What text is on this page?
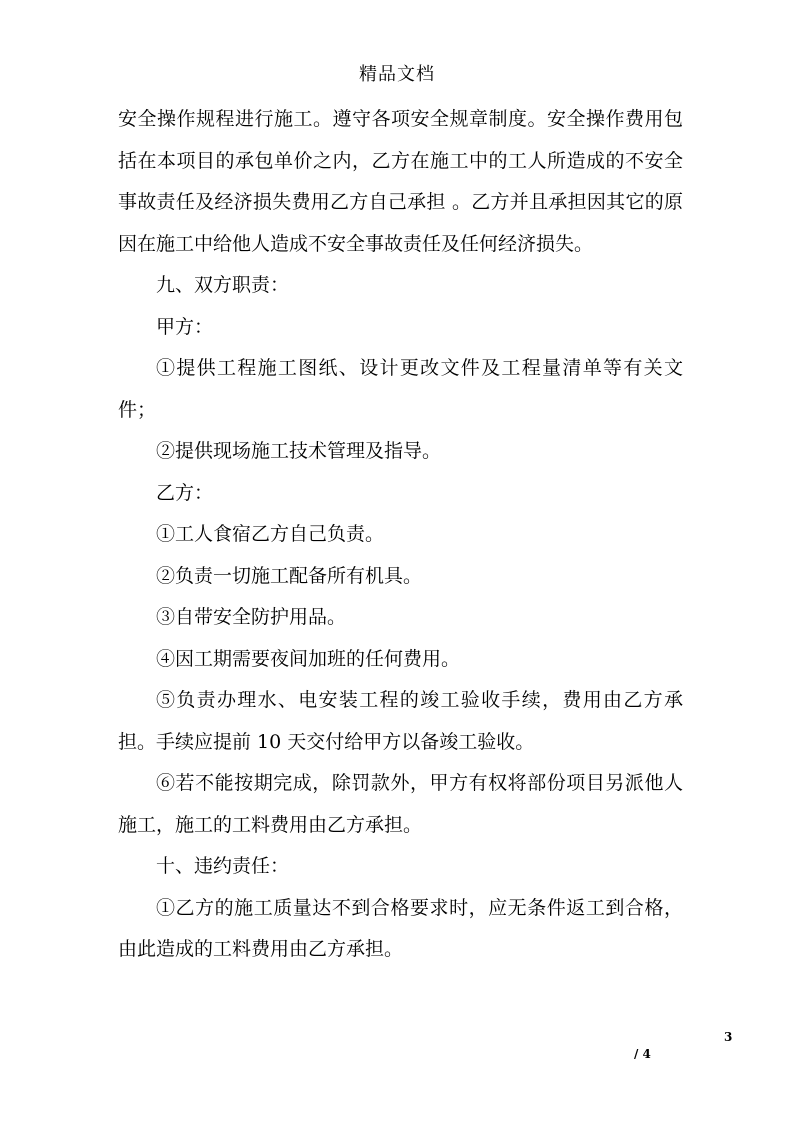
精品文档

安全操作规程进行施工。遵守各项安全规章制度。安全操作费用包括在本项目的承包单价之内，乙方在施工中的工人所造成的不安全事故责任及经济损失费用乙方自己承担 。乙方并且承担因其它的原因在施工中给他人造成不安全事故责任及任何经济损失。

九、双方职责：

甲方：

①提供工程施工图纸、设计更改文件及工程量清单等有关文件；

②提供现场施工技术管理及指导。

乙方：

①工人食宿乙方自己负责。

②负责一切施工配备所有机具。

③自带安全防护用品。

④因工期需要夜间加班的任何费用。

⑤负责办理水、电安装工程的竣工验收手续，费用由乙方承担。手续应提前 10 天交付给甲方以备竣工验收。

⑥若不能按期完成，除罚款外，甲方有权将部份项目另派他人施工，施工的工料费用由乙方承担。

十、违约责任：

①乙方的施工质量达不到合格要求时，应无条件返工到合格，由此造成的工料费用由乙方承担。

3
/ 4
